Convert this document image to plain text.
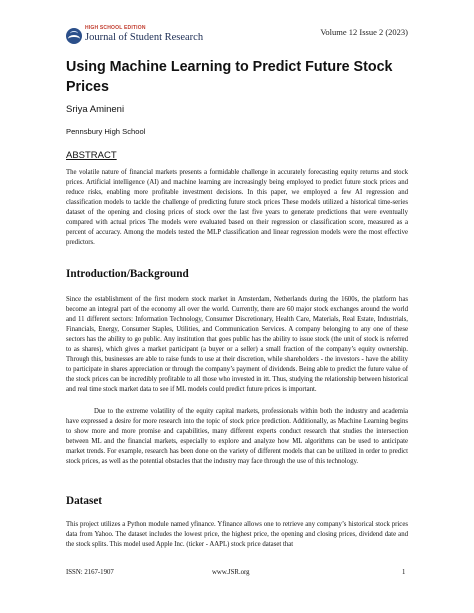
HIGH SCHOOL EDITION
Journal of Student Research	Volume 12 Issue 2 (2023)
Using Machine Learning to Predict Future Stock Prices
Sriya Amineni
Pennsbury High School
ABSTRACT
The volatile nature of financial markets presents a formidable challenge in accurately forecasting equity returns and stock prices. Artificial intelligence (AI) and machine learning are increasingly being employed to predict future stock prices and reduce risks, enabling more profitable investment decisions. In this paper, we employed a few AI regression and classification models to tackle the challenge of predicting future stock prices These models utilized a historical time-series dataset of the opening and closing prices of stock over the last five years to generate predictions that were eventually compared with actual prices The models were evaluated based on their regression or classification score, measured as a percent of accuracy. Among the models tested the MLP classification and linear regression models were the most effective predictors.
Introduction/Background
Since the establishment of the first modern stock market in Amsterdam, Netherlands during the 1600s, the platform has become an integral part of the economy all over the world. Currently, there are 60 major stock exchanges around the world and 11 different sectors: Information Technology, Consumer Discretionary, Health Care, Materials, Real Estate, Industrials, Financials, Energy, Consumer Staples, Utilities, and Communication Services. A company belonging to any one of these sectors has the ability to go public. Any institution that goes public has the ability to issue stock (the unit of stock is referred to as shares), which gives a market participant (a buyer or a seller) a small fraction of the company’s equity ownership. Through this, businesses are able to raise funds to use at their discretion, while shareholders - the investors - have the ability to participate in shares appreciation or through the company’s payment of dividends. Being able to predict the future value of the stock prices can be incredibly profitable to all those who invested in itt. Thus, studying the relationship between historical and real time stock market data to see if ML models could predict future prices is important.
Due to the extreme volatility of the equity capital markets, professionals within both the industry and academia have expressed a desire for more research into the topic of stock price prediction. Additionally, as Machine Learning begins to show more and more promise and capabilities, many different experts conduct research that studies the intersection between ML and the financial markets, especially to explore and analyze how ML algorithms can be used to anticipate market trends. For example, research has been done on the variety of different models that can be utilized in order to predict stock prices, as well as the potential obstacles that the industry may face through the use of this technology.
Dataset
This project utilizes a Python module named yfinance. Yfinance allows one to retrieve any company’s historical stock prices data from Yahoo. The dataset includes the lowest price, the highest price, the opening and closing prices, dividend date and the stock splits. This model used Apple Inc. (ticker - AAPL) stock price dataset that
ISSN: 2167-1907	www.JSR.org	1
